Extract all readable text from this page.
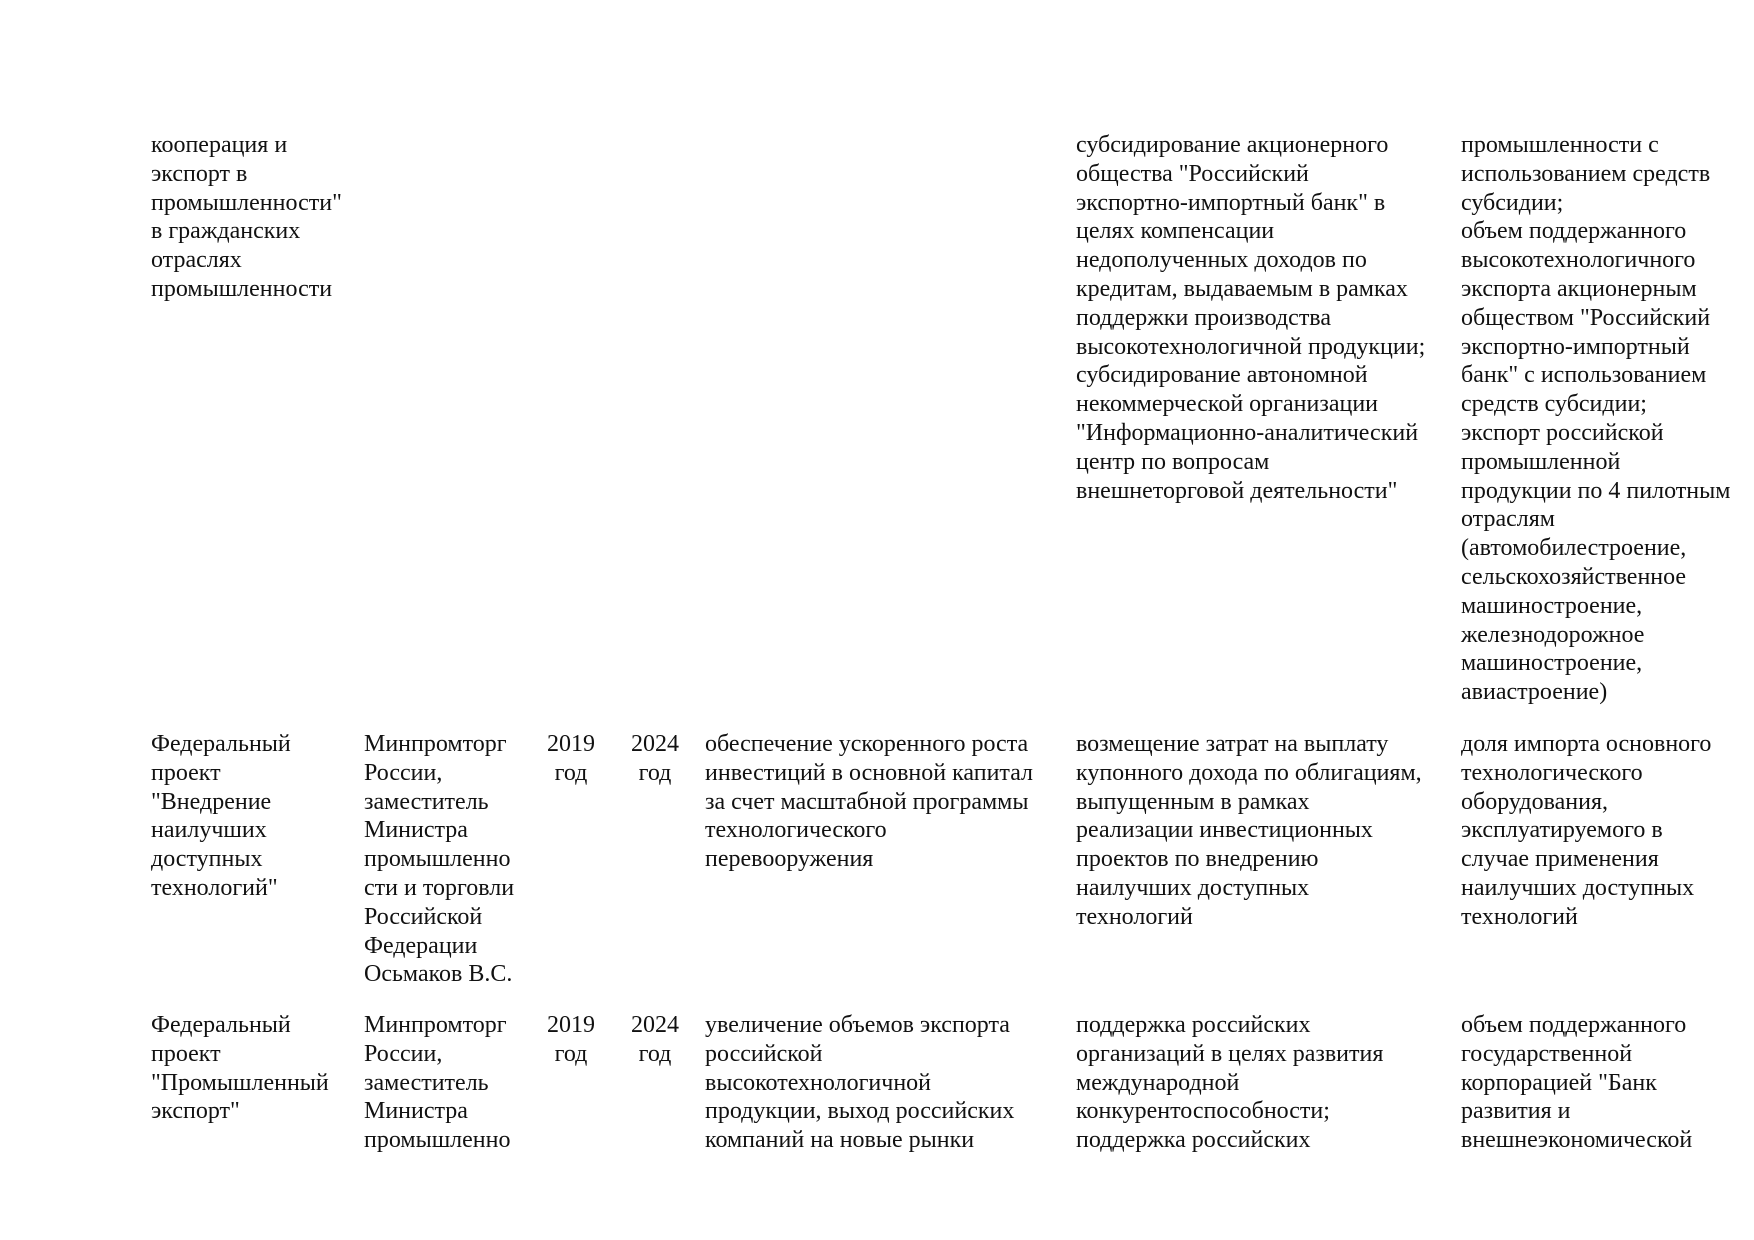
кооперация и
экспорт в
промышленности"
в гражданских
отраслях
промышленности
субсидирование акционерного
общества "Российский
экспортно-импортный банк" в
целях компенсации
недополученных доходов по
кредитам, выдаваемым в рамках
поддержки производства
высокотехнологичной продукции;
субсидирование автономной
некоммерческой организации
"Информационно-аналитический
центр по вопросам
внешнеторговой деятельности"
промышленности с
использованием средств
субсидии;
объем поддержанного
высокотехнологичного
экспорта акционерным
обществом "Российский
экспортно-импортный
банк" с использованием
средств субсидии;
экспорт российской
промышленной
продукции по 4 пилотным
отраслям
(автомобилестроение,
сельскохозяйственное
машиностроение,
железнодорожное
машиностроение,
авиастроение)
Федеральный
проект
"Внедрение
наилучших
доступных
технологий"
Минпромторг
России,
заместитель
Министра
промышленно
сти и торговли
Российской
Федерации
Осьмаков В.С.
2019
год
2024
год
обеспечение ускоренного роста
инвестиций в основной капитал
за счет масштабной программы
технологического
перевооружения
возмещение затрат на выплату
купонного дохода по облигациям,
выпущенным в рамках
реализации инвестиционных
проектов по внедрению
наилучших доступных
технологий
доля импорта основного
технологического
оборудования,
эксплуатируемого в
случае применения
наилучших доступных
технологий
Федеральный
проект
"Промышленный
экспорт"
Минпромторг
России,
заместитель
Министра
промышленно
2019
год
2024
год
увеличение объемов экспорта
российской
высокотехнологичной
продукции, выход российских
компаний на новые рынки
поддержка российских
организаций в целях развития
международной
конкурентоспособности;
поддержка российских
объем поддержанного
государственной
корпорацией "Банк
развития и
внешнеэкономической
